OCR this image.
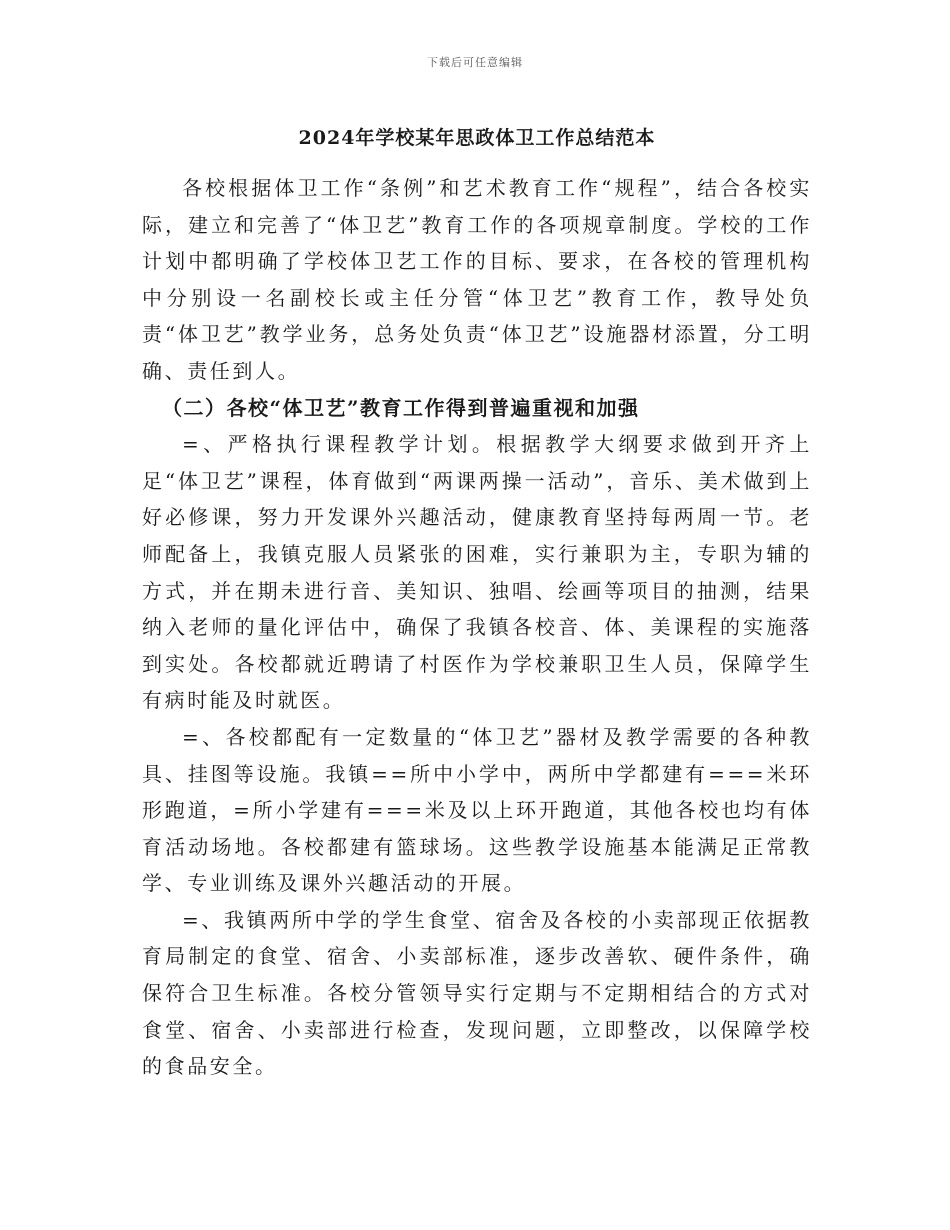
下载后可任意编辑
2024年学校某年思政体卫工作总结范本

各校根据体卫工作“条例”和艺术教育工作“规程”，结合各校实际，建立和完善了“体卫艺”教育工作的各项规章制度。学校的工作计划中都明确了学校体卫艺工作的目标、要求，在各校的管理机构中分别设一名副校长或主任分管“体卫艺”教育工作，教导处负责“体卫艺”教学业务，总务处负责“体卫艺”设施器材添置，分工明确、责任到人。

（二）各校“体卫艺”教育工作得到普遍重视和加强

=、严格执行课程教学计划。根据教学大纲要求做到开齐上足“体卫艺”课程，体育做到“两课两操一活动”，音乐、美术做到上好必修课，努力开发课外兴趣活动，健康教育坚持每两周一节。老师配备上，我镇克服人员紧张的困难，实行兼职为主，专职为辅的方式，并在期未进行音、美知识、独唱、绘画等项目的抽测，结果纳入老师的量化评估中，确保了我镇各校音、体、美课程的实施落到实处。各校都就近聘请了村医作为学校兼职卫生人员，保障学生有病时能及时就医。

=、各校都配有一定数量的“体卫艺”器材及教学需要的各种教具、挂图等设施。我镇==所中小学中，两所中学都建有===米环形跑道，=所小学建有===米及以上环开跑道，其他各校也均有体育活动场地。各校都建有篮球场。这些教学设施基本能满足正常教学、专业训练及课外兴趣活动的开展。

=、我镇两所中学的学生食堂、宿舍及各校的小卖部现正依据教育局制定的食堂、宿舍、小卖部标准，逐步改善软、硬件条件，确保符合卫生标准。各校分管领导实行定期与不定期相结合的方式对食堂、宿舍、小卖部进行检查，发现问题，立即整改，以保障学校的食品安全。
